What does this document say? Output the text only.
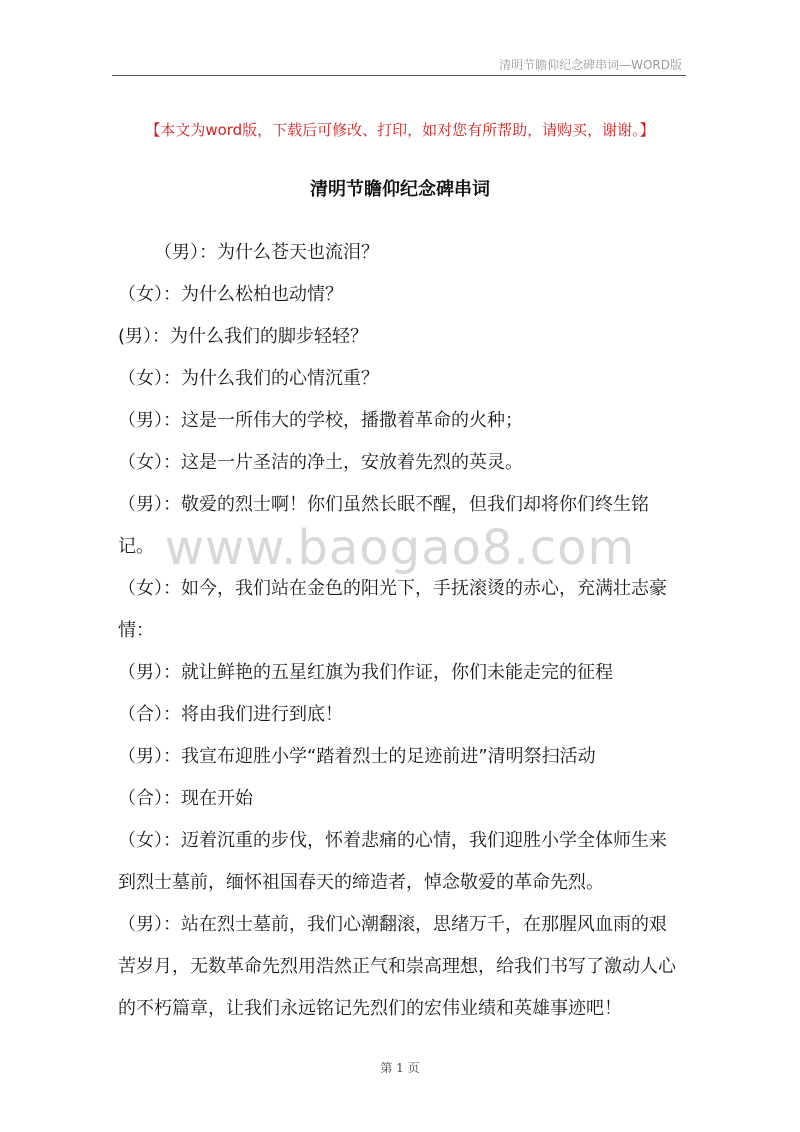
清明节瞻仰纪念碑串词—WORD版
【本文为word版，下载后可修改、打印，如对您有所帮助，请购买，谢谢。】
清明节瞻仰纪念碑串词

（男）：为什么苍天也流泪？

（女）：为什么松柏也动情？

(男）：为什么我们的脚步轻轻？

（女）：为什么我们的心情沉重？

（男）：这是一所伟大的学校，播撒着革命的火种；

（女）：这是一片圣洁的净土，安放着先烈的英灵。

（男）：敬爱的烈士啊！你们虽然长眠不醒，但我们却将你们终生铭记。

（女）：如今，我们站在金色的阳光下，手抚滚烫的赤心，充满壮志豪情：

（男）：就让鲜艳的五星红旗为我们作证，你们未能走完的征程

（合）：将由我们进行到底！

（男）：我宣布迎胜小学“踏着烈士的足迹前进”清明祭扫活动

（合）：现在开始

（女）：迈着沉重的步伐，怀着悲痛的心情，我们迎胜小学全体师生来到烈士墓前，缅怀祖国春天的缔造者，悼念敬爱的革命先烈。

（男）：站在烈士墓前，我们心潮翻滚，思绪万千，在那腥风血雨的艰苦岁月，无数革命先烈用浩然正气和崇高理想，给我们书写了激动人心的不朽篇章，让我们永远铭记先烈们的宏伟业绩和英雄事迹吧！

www.baogao8.com
第 1 页
